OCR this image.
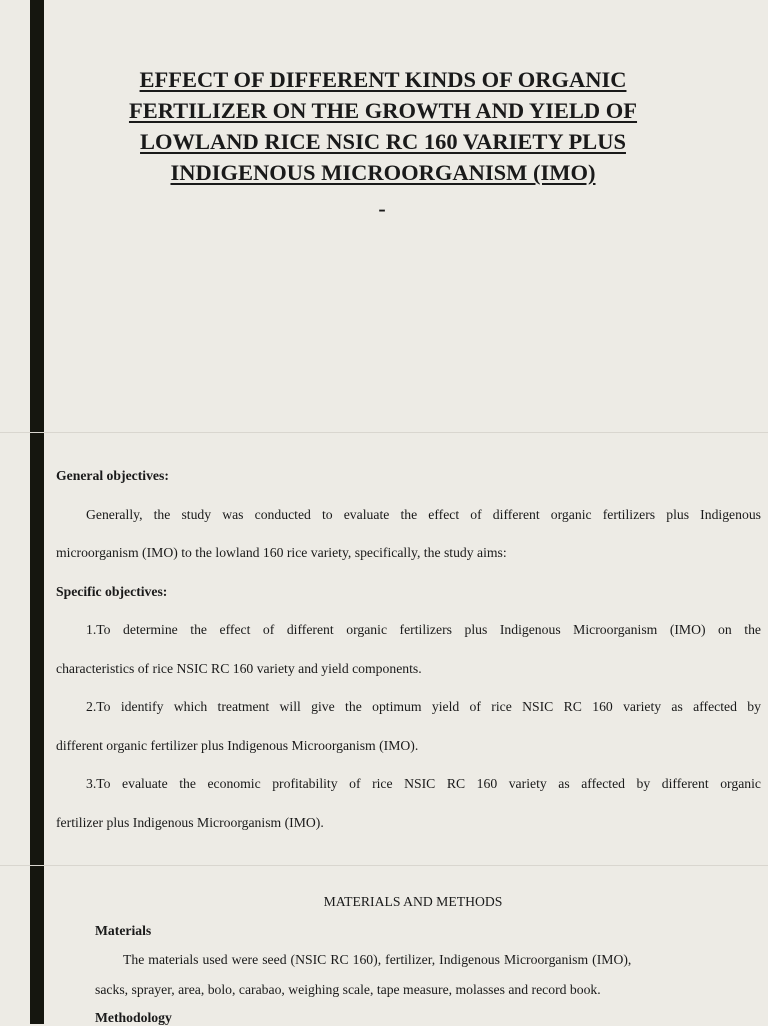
EFFECT OF DIFFERENT KINDS OF ORGANIC
FERTILIZER ON THE GROWTH AND YIELD OF
LOWLAND RICE NSIC RC 160 VARIETY PLUS
INDIGENOUS MICROORGANISM (IMO)
-

General objectives:

Generally, the study was conducted to evaluate the effect of different organic fertilizers plus Indigenous

microorganism (IMO) to the lowland 160 rice variety, specifically, the study aims:

Specific objectives:

1.To determine the effect of different organic fertilizers plus Indigenous Microorganism (IMO) on the

characteristics of rice NSIC RC 160 variety and yield components.

2.To identify which treatment will give the optimum yield of rice NSIC RC 160 variety as affected by

different organic fertilizer plus Indigenous Microorganism (IMO).

3.To evaluate the economic profitability of rice NSIC RC 160 variety as affected by different organic

fertilizer plus Indigenous Microorganism (IMO).

MATERIALS AND METHODS

Materials

The materials used were seed (NSIC RC 160), fertilizer, Indigenous Microorganism (IMO),

sacks, sprayer, area, bolo, carabao, weighing scale, tape measure, molasses and record book.

Methodology
